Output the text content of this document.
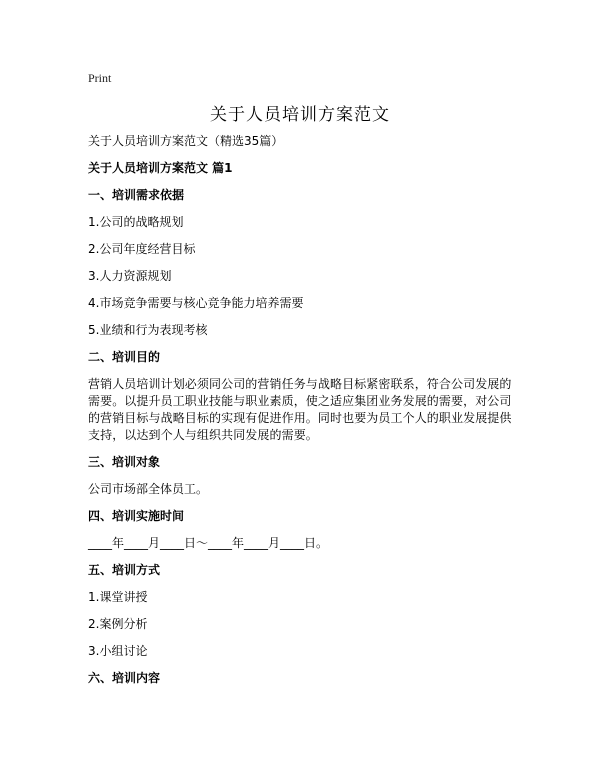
Print
关于人员培训方案范文
关于人员培训方案范文（精选35篇）
关于人员培训方案范文 篇1
一、培训需求依据
1.公司的战略规划
2.公司年度经营目标
3.人力资源规划
4.市场竞争需要与核心竞争能力培养需要
5.业绩和行为表现考核
二、培训目的
营销人员培训计划必须同公司的营销任务与战略目标紧密联系，符合公司发展的需要。以提升员工职业技能与职业素质，使之适应集团业务发展的需要，对公司的营销目标与战略目标的实现有促进作用。同时也要为员工个人的职业发展提供支持，以达到个人与组织共同发展的需要。
三、培训对象
公司市场部全体员工。
四、培训实施时间
____年____月____日～____年____月____日。
五、培训方式
1.课堂讲授
2.案例分析
3.小组讨论
六、培训内容
